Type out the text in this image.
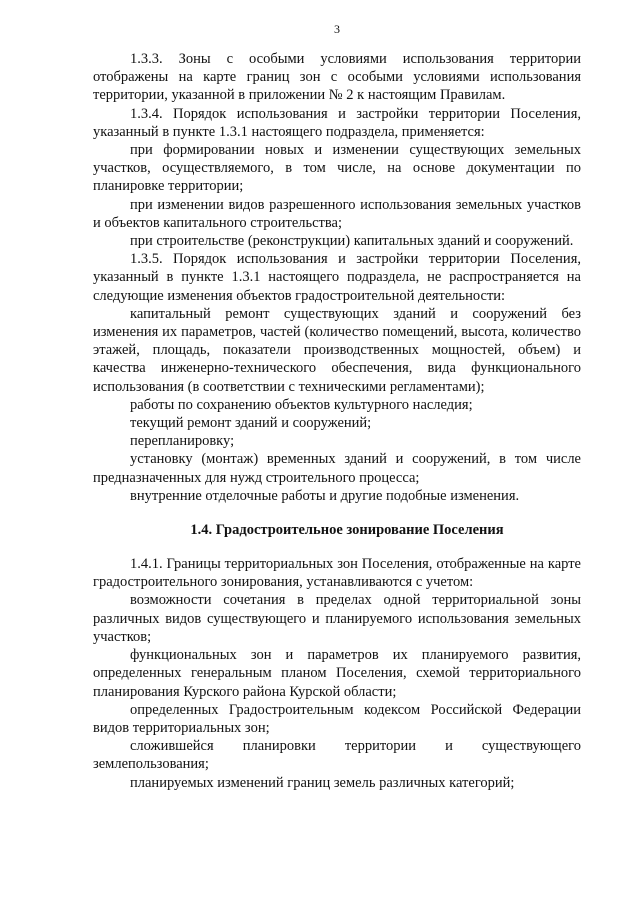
3

1.3.3. Зоны с особыми условиями использования территории отображены на карте границ зон с особыми условиями использования территории, указанной в приложении № 2 к настоящим Правилам.

1.3.4. Порядок использования и застройки территории Поселения, указанный в пункте 1.3.1 настоящего подраздела, применяется:

при формировании новых и изменении существующих земельных участков, осуществляемого, в том числе, на основе документации по планировке территории;

при изменении видов разрешенного использования земельных участков и объектов капитального строительства;

при строительстве (реконструкции) капитальных зданий и сооружений.

1.3.5. Порядок использования и застройки территории Поселения, указанный в пункте 1.3.1 настоящего подраздела, не распространяется на следующие изменения объектов градостроительной деятельности:

капитальный ремонт существующих зданий и сооружений без изменения их параметров, частей (количество помещений, высота, количество этажей, площадь, показатели производственных мощностей, объем) и качества инженерно-технического обеспечения, вида функционального использования (в соответствии с техническими регламентами);

работы по сохранению объектов культурного наследия;

текущий ремонт зданий и сооружений;

перепланировку;

установку (монтаж) временных зданий и сооружений, в том числе предназначенных для нужд строительного процесса;

внутренние отделочные работы и другие подобные изменения.

1.4. Градостроительное зонирование Поселения

1.4.1. Границы территориальных зон Поселения, отображенные на карте градостроительного зонирования, устанавливаются с учетом:

возможности сочетания в пределах одной территориальной зоны различных видов существующего и планируемого использования земельных участков;

функциональных зон и параметров их планируемого развития, определенных генеральным планом Поселения, схемой территориального планирования Курского района Курской области;

определенных Градостроительным кодексом Российской Федерации видов территориальных зон;

сложившейся планировки территории и существующего землепользования;

планируемых изменений границ земель различных категорий;
